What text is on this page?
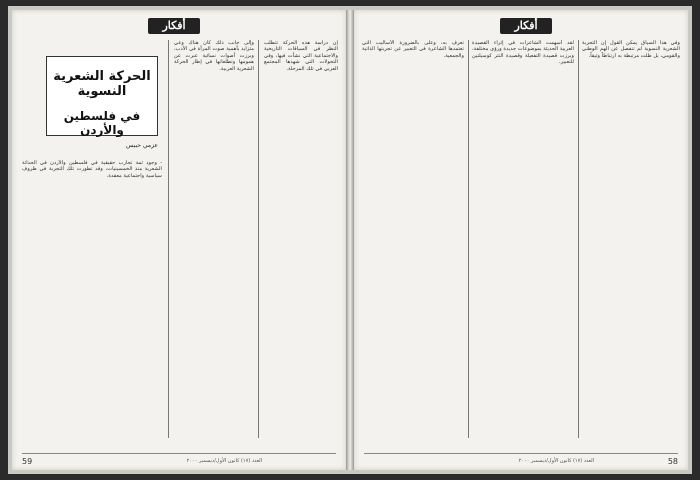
أفكار
الحركة الشعرية النسوية
في فلسطين والأردن
عزمي حبيس
- وجود ثمة تجارب حقيقية في فلسطين والأردن في الحداثة الشعرية منذ الخمسينيات، وقد تطورت تلك التجربة في ظروف سياسية واجتماعية معقدة.
وإلى جانب ذلك كان هناك وعي متزايد بأهمية صوت المرأة في الأدب، وبرزت أصوات نسائية عبرت عن همومها وتطلعاتها في إطار الحركة الشعرية العربية.
إن دراسة هذه الحركة تتطلب النظر في السياقات التاريخية والاجتماعية التي نشأت فيها، وفي التحولات التي شهدها المجتمع العربي في تلك المرحلة.
59	العدد (١٧) كانون الأول/ديسمبر ٢٠٠٠
أفكار
تعرف به، وعلى بالضرورة الأساليب التي تعتمدها الشاعرة في التعبير عن تجربتها الذاتية والجمعية.
لقد أسهمت الشاعرات في إثراء القصيدة العربية الحديثة بموضوعات جديدة ورؤى مختلفة، وبرزت قصيدة التفعيلة وقصيدة النثر كوسيلتين للتعبير.
وفي هذا السياق يمكن القول إن التجربة الشعرية النسوية لم تنفصل عن الهم الوطني والقومي، بل ظلت مرتبطة به ارتباطاً وثيقاً.
العدد (١٧) كانون الأول/ديسمبر ٢٠٠٠	58
